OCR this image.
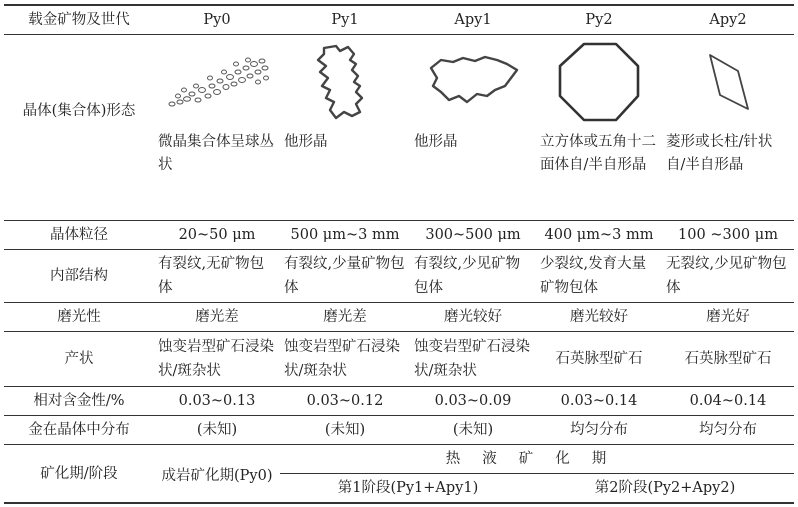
载金矿物及世代	Py0	Py1	Apy1	Py2	Apy2

晶体(集合体)形态	微晶集合体呈球丛状	他形晶	他形晶	立方体或五角十二面体自/半自形晶	菱形或长柱/针状自/半自形晶

晶体粒径	20~50 μm	500 μm~3 mm	300~500 μm	400 μm~3 mm	100 ~300 μm
内部结构	有裂纹,无矿物包体	有裂纹,少量矿物包体	有裂纹,少见矿物包体	少裂纹,发育大量矿物包体	无裂纹,少见矿物包体
磨光性	磨光差	磨光差	磨光较好	磨光较好	磨光好
产状	蚀变岩型矿石浸染状/斑杂状	蚀变岩型矿石浸染状/斑杂状	蚀变岩型矿石浸染状/斑杂状	石英脉型矿石	石英脉型矿石
相对含金性/%	0.03~0.13	0.03~0.12	0.03~0.09	0.03~0.14	0.04~0.14
金在晶体中分布	(未知)	(未知)	(未知)	均匀分布	均匀分布
矿化期/阶段	成岩矿化期(Py0)	热液矿化期			
		第1阶段(Py1+Apy1)		第2阶段(Py2+Apy2)	
